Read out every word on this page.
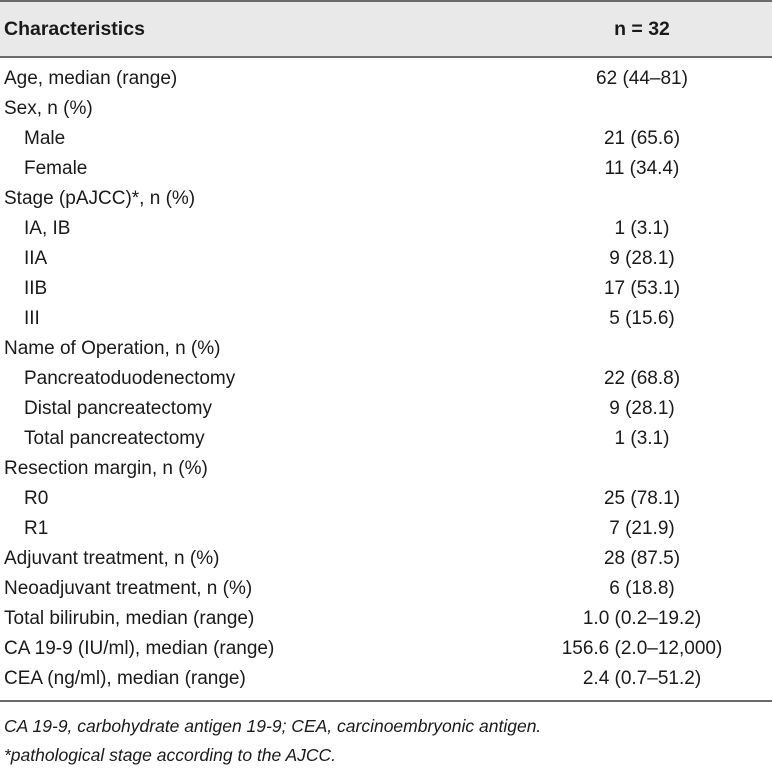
Characteristics	n = 32
Age, median (range)	62 (44–81)
Sex, n (%)
Male	21 (65.6)
Female	11 (34.4)
Stage (pAJCC)*, n (%)
IA, IB	1 (3.1)
IIA	9 (28.1)
IIB	17 (53.1)
III	5 (15.6)
Name of Operation, n (%)
Pancreatoduodenectomy	22 (68.8)
Distal pancreatectomy	9 (28.1)
Total pancreatectomy	1 (3.1)
Resection margin, n (%)
R0	25 (78.1)
R1	7 (21.9)
Adjuvant treatment, n (%)	28 (87.5)
Neoadjuvant treatment, n (%)	6 (18.8)
Total bilirubin, median (range)	1.0 (0.2–19.2)
CA 19-9 (IU/ml), median (range)	156.6 (2.0–12,000)
CEA (ng/ml), median (range)	2.4 (0.7–51.2)
CA 19-9, carbohydrate antigen 19-9; CEA, carcinoembryonic antigen.
*pathological stage according to the AJCC.
